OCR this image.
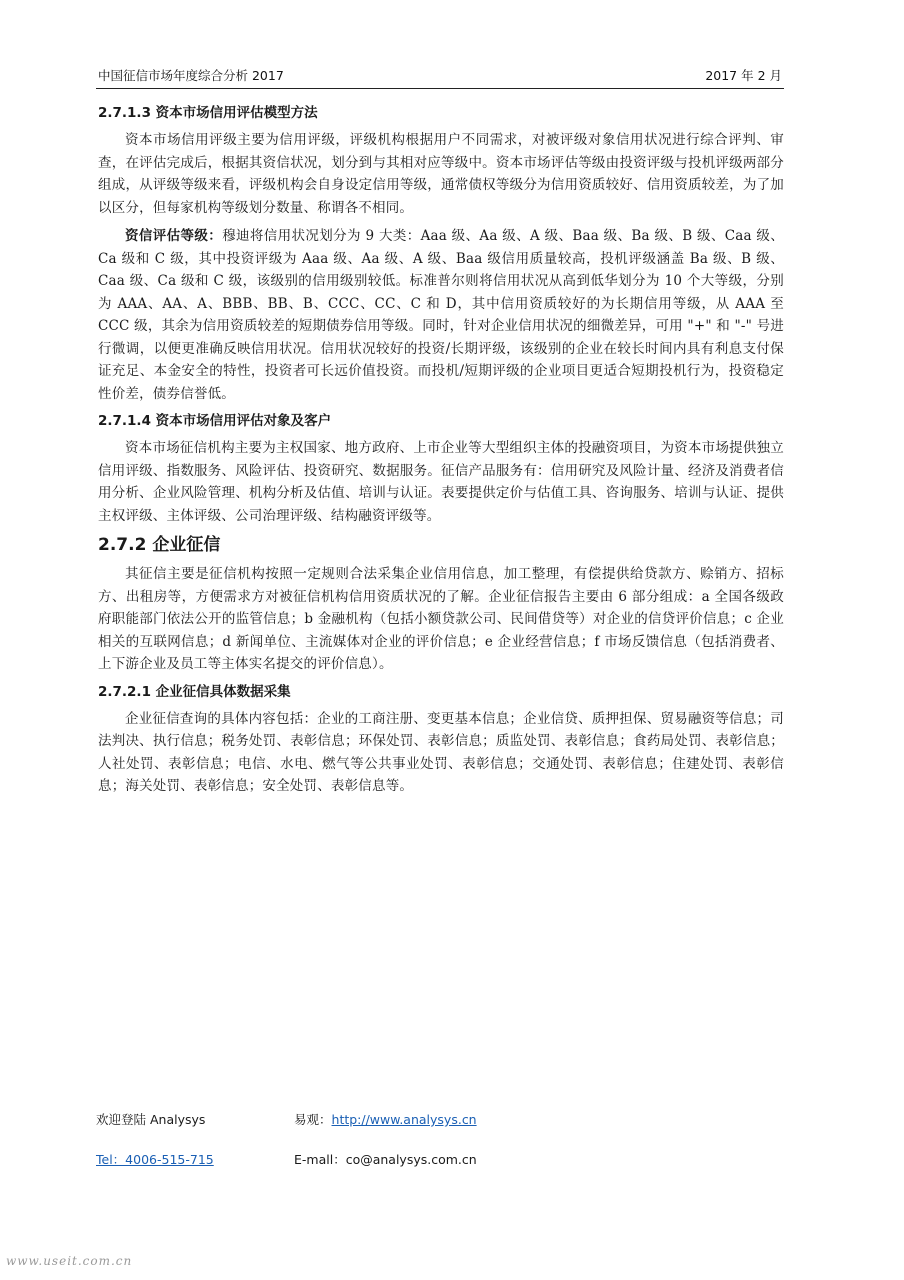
中国征信市场年度综合分析 2017	2017 年 2 月
2.7.1.3 资本市场信用评估模型方法

资本市场信用评级主要为信用评级，评级机构根据用户不同需求，对被评级对象信用状况进行综合评判、审查，在评估完成后，根据其资信状况，划分到与其相对应等级中。资本市场评估等级由投资评级与投机评级两部分组成，从评级等级来看，评级机构会自身设定信用等级，通常债权等级分为信用资质较好、信用资质较差，为了加以区分，但每家机构等级划分数量、称谓各不相同。

资信评估等级：穆迪将信用状况划分为 9 大类：Aaa 级、Aa 级、A 级、Baa 级、Ba 级、B 级、Caa 级、Ca 级和 C 级，其中投资评级为 Aaa 级、Aa 级、A 级、Baa 级信用质量较高，投机评级涵盖 Ba 级、B 级、Caa 级、Ca 级和 C 级，该级别的信用级别较低。标准普尔则将信用状况从高到低华划分为 10 个大等级，分别为 AAA、AA、A、BBB、BB、B、CCC、CC、C 和 D，其中信用资质较好的为长期信用等级，从 AAA 至 CCC 级，其余为信用资质较差的短期债券信用等级。同时，针对企业信用状况的细微差异，可用 "+" 和 "-" 号进行微调，以便更准确反映信用状况。信用状况较好的投资/长期评级，该级别的企业在较长时间内具有利息支付保证充足、本金安全的特性，投资者可长远价值投资。而投机/短期评级的企业项目更适合短期投机行为，投资稳定性价差，债券信誉低。

2.7.1.4 资本市场信用评估对象及客户

资本市场征信机构主要为主权国家、地方政府、上市企业等大型组织主体的投融资项目，为资本市场提供独立信用评级、指数服务、风险评估、投资研究、数据服务。征信产品服务有：信用研究及风险计量、经济及消费者信用分析、企业风险管理、机构分析及估值、培训与认证。表要提供定价与估值工具、咨询服务、培训与认证、提供主权评级、主体评级、公司治理评级、结构融资评级等。

2.7.2 企业征信

其征信主要是征信机构按照一定规则合法采集企业信用信息，加工整理，有偿提供给贷款方、赊销方、招标方、出租房等，方便需求方对被征信机构信用资质状况的了解。企业征信报告主要由 6 部分组成：a 全国各级政府职能部门依法公开的监管信息；b 金融机构（包括小额贷款公司、民间借贷等）对企业的信贷评价信息；c 企业相关的互联网信息；d 新闻单位、主流媒体对企业的评价信息；e 企业经营信息；f 市场反馈信息（包括消费者、上下游企业及员工等主体实名提交的评价信息）。

2.7.2.1 企业征信具体数据采集

企业征信查询的具体内容包括：企业的工商注册、变更基本信息；企业信贷、质押担保、贸易融资等信息；司法判决、执行信息；税务处罚、表彰信息；环保处罚、表彰信息；质监处罚、表彰信息；食药局处罚、表彰信息；人社处罚、表彰信息；电信、水电、燃气等公共事业处罚、表彰信息；交通处罚、表彰信息；住建处罚、表彰信息；海关处罚、表彰信息；安全处罚、表彰信息等。

欢迎登陆 Analysys	易观：http://www.analysys.cn
Tel：4006-515-715	E-mall：co@analysys.com.cn
www.useit.com.cn
